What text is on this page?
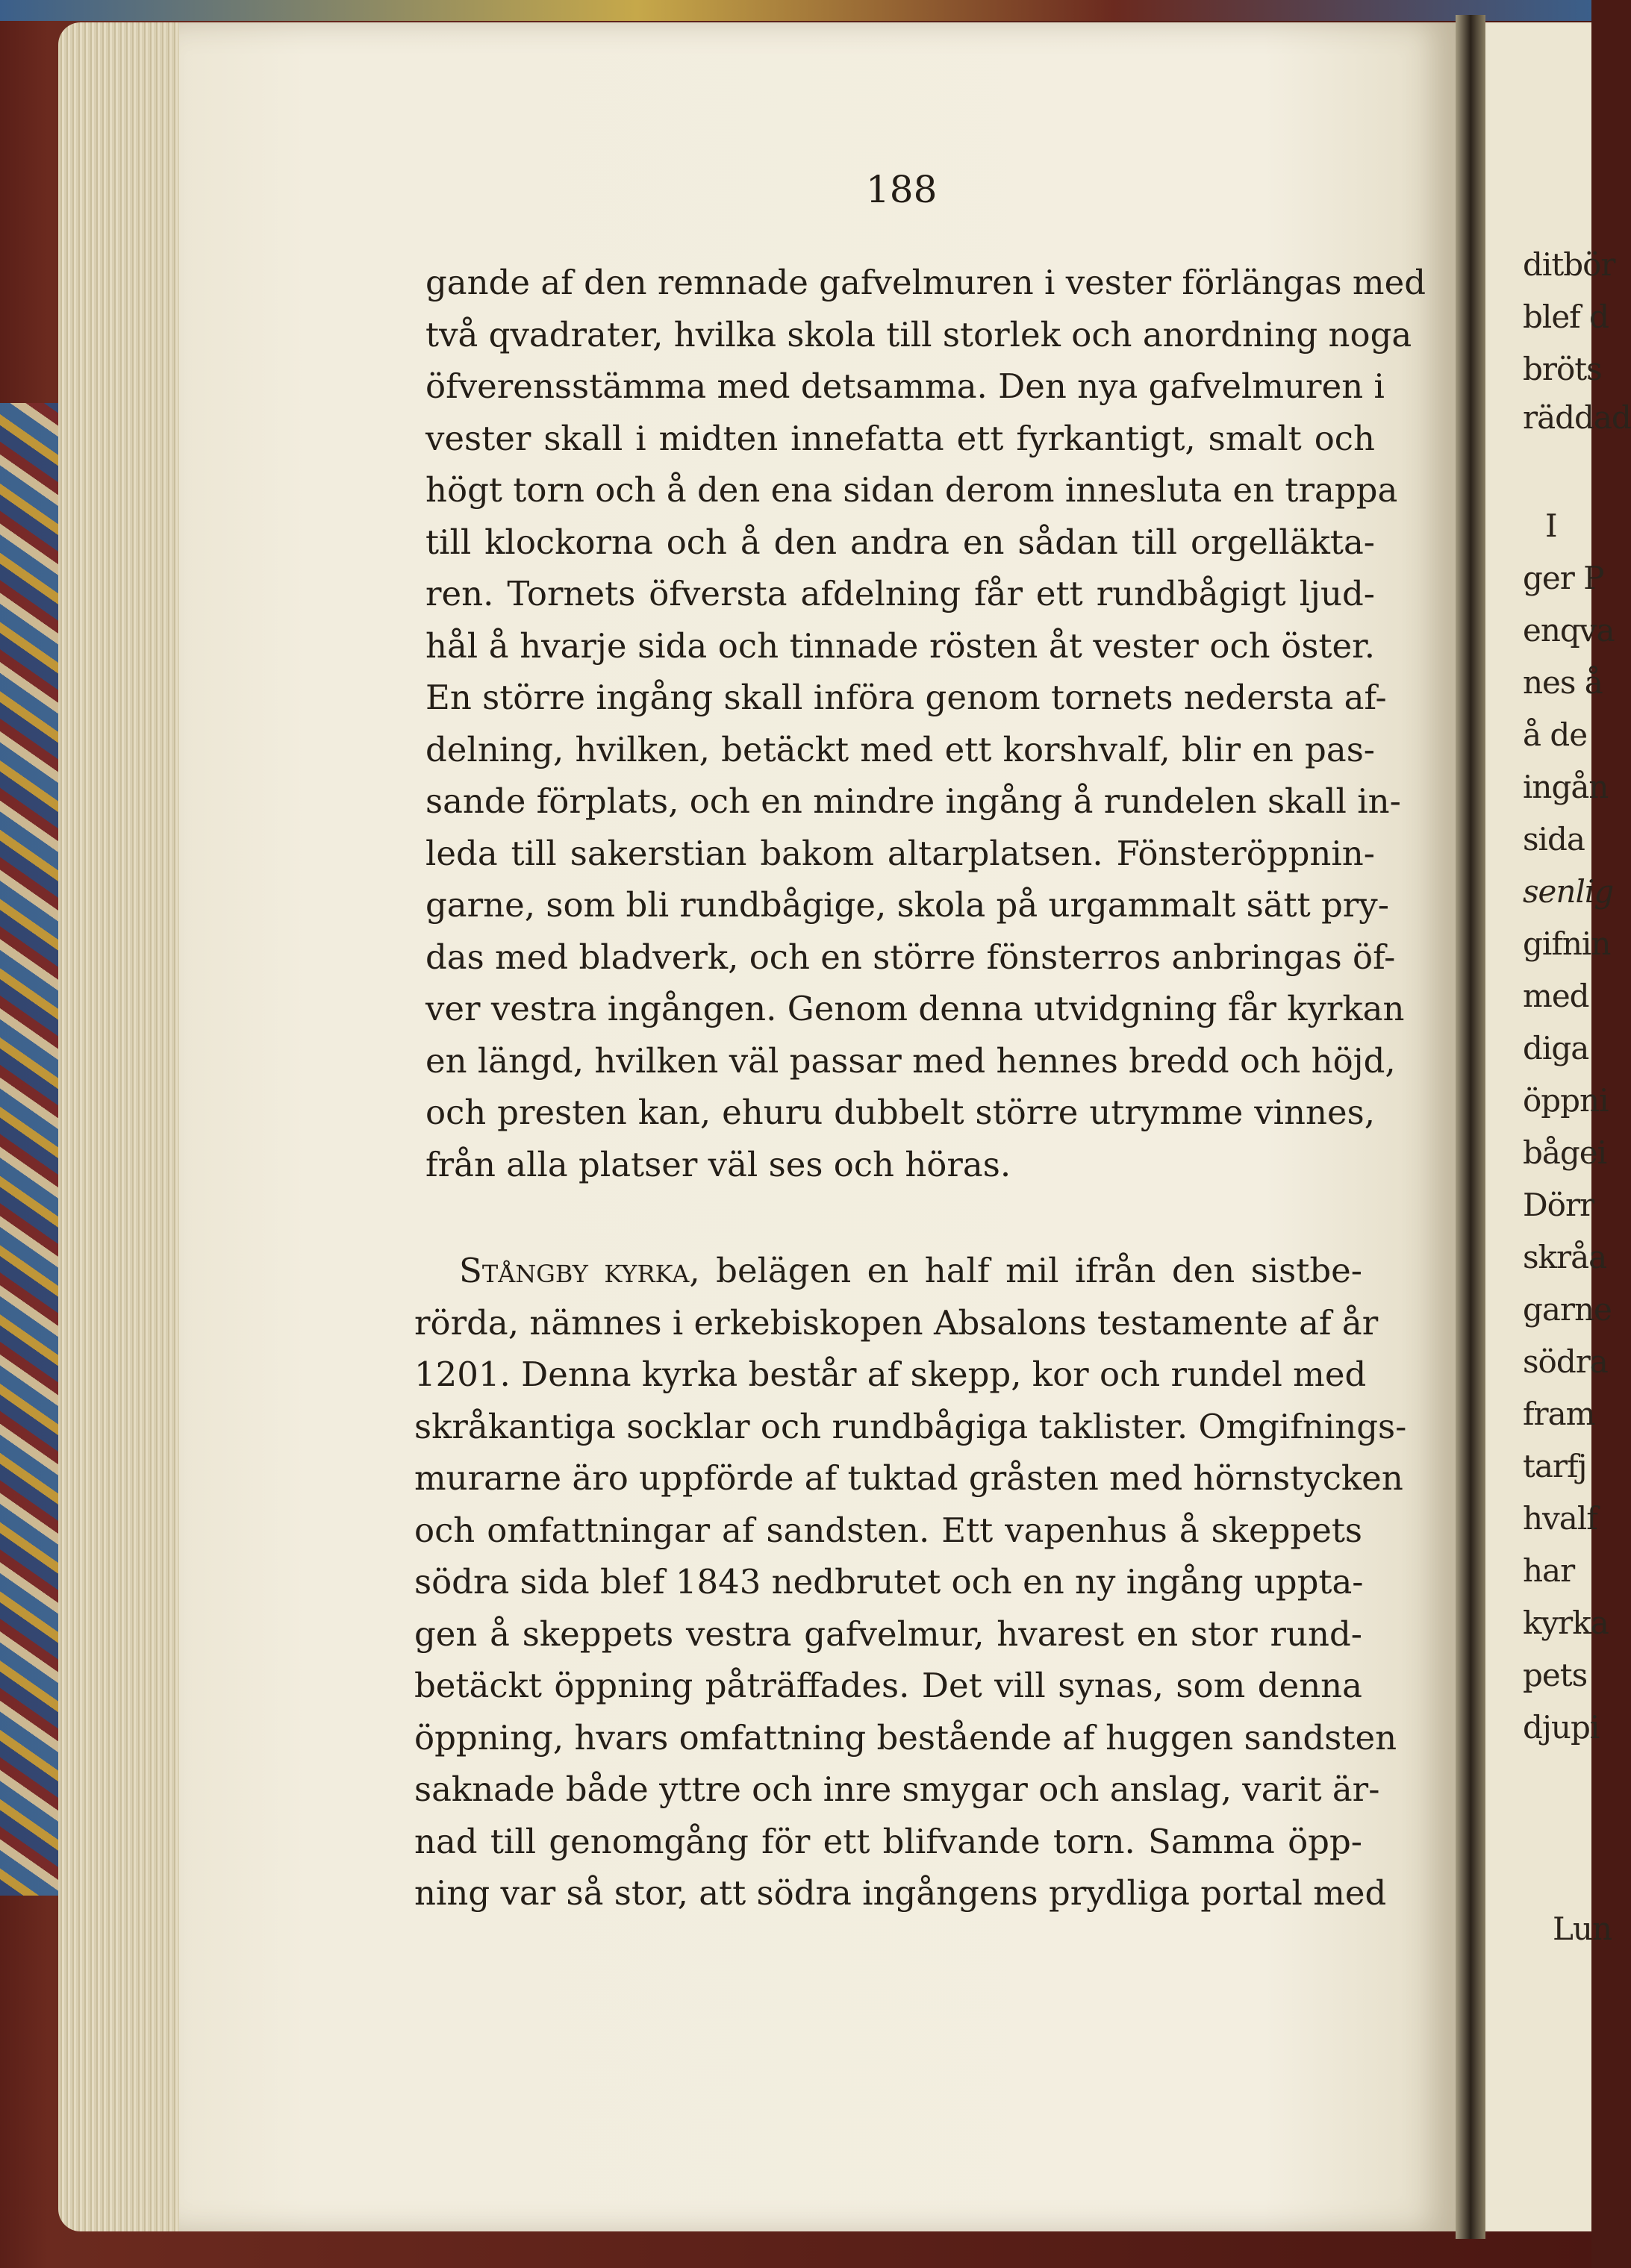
188
gande af den remnade gafvelmuren i vester förlängas med
två qvadrater, hvilka skola till storlek och anordning noga
öfverensstämma med detsamma. Den nya gafvelmuren i
vester skall i midten innefatta ett fyrkantigt, smalt och
högt torn och å den ena sidan derom innesluta en trappa
till klockorna och å den andra en sådan till orgelläkta-
ren. Tornets öfversta afdelning får ett rundbågigt ljud-
hål å hvarje sida och tinnade rösten åt vester och öster.
En större ingång skall införa genom tornets nedersta af-
delning, hvilken, betäckt med ett korshvalf, blir en pas-
sande förplats, och en mindre ingång å rundelen skall in-
leda till sakerstian bakom altarplatsen. Fönsteröppnin-
garne, som bli rundbågige, skola på urgammalt sätt pry-
das med bladverk, och en större fönsterros anbringas öf-
ver vestra ingången. Genom denna utvidgning får kyrkan
en längd, hvilken väl passar med hennes bredd och höjd,
och presten kan, ehuru dubbelt större utrymme vinnes,
från alla platser väl ses och höras.
Stångby kyrka, belägen en half mil ifrån den sistbe-
rörda, nämnes i erkebiskopen Absalons testamente af år
1201. Denna kyrka består af skepp, kor och rundel med
skråkantiga socklar och rundbågiga taklister. Omgifnings-
murarne äro uppförde af tuktad gråsten med hörnstycken
och omfattningar af sandsten. Ett vapenhus å skeppets
södra sida blef 1843 nedbrutet och en ny ingång uppta-
gen å skeppets vestra gafvelmur, hvarest en stor rund-
betäckt öppning påträffades. Det vill synas, som denna
öppning, hvars omfattning bestående af huggen sandsten
saknade både yttre och inre smygar och anslag, varit är-
nad till genomgång för ett blifvande torn. Samma öpp-
ning var så stor, att södra ingångens prydliga portal med
ditbör
blef d
bröts
räddad
I
ger P
enqva
nes å
å de
ingån
sida
senlig
gifnin
med
diga
öppni
bågei
Dörr
skråa
garne
södra
fram
tarfj
hvalf
har
kyrka
pets
djupi
Lun
